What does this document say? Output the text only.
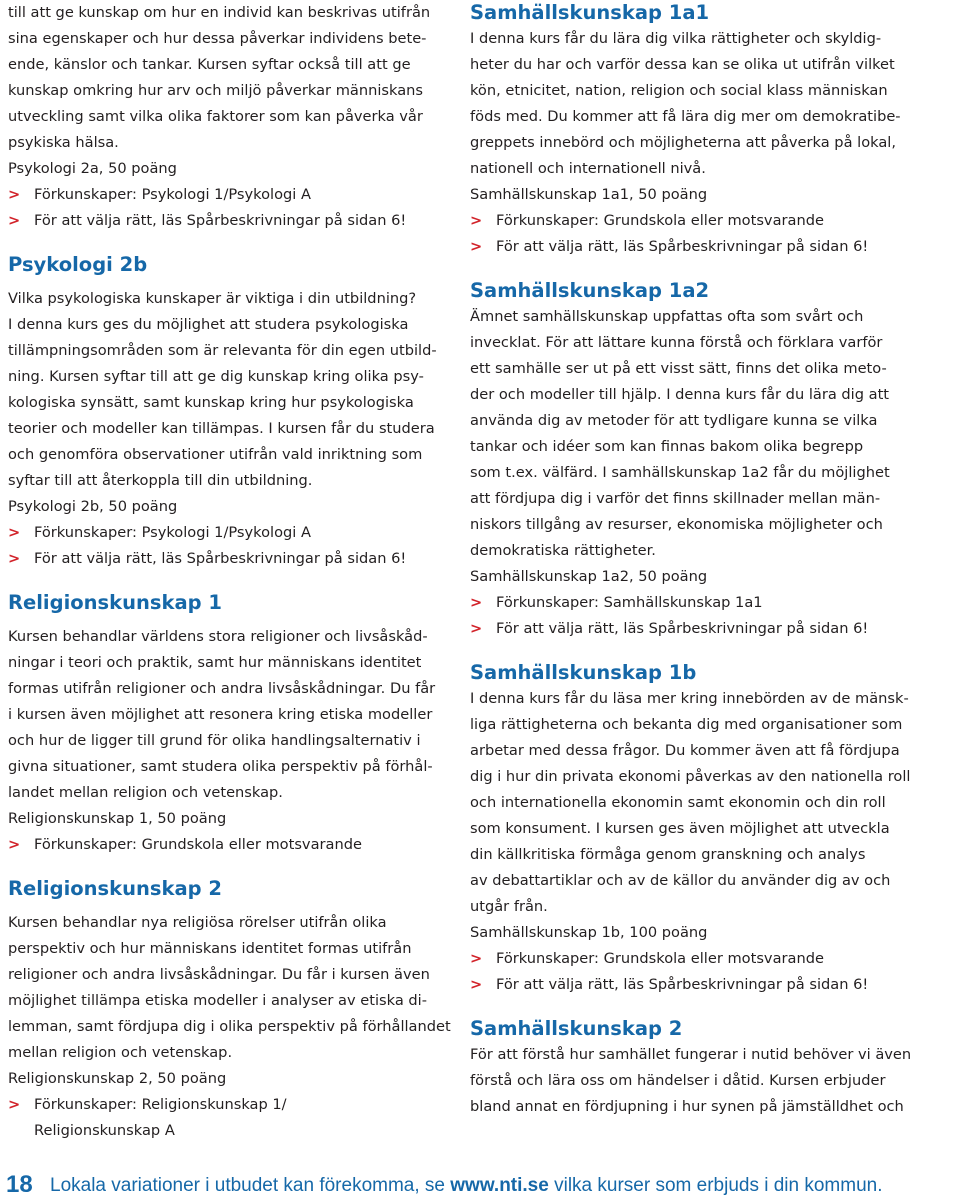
till att ge kunskap om hur en individ kan beskrivas utifrån
sina egenskaper och hur dessa påverkar individens bete-
ende, känslor och tankar. Kursen syftar också till att ge
kunskap omkring hur arv och miljö påverkar människans
utveckling samt vilka olika faktorer som kan påverka vår
psykiska hälsa.
Psykologi 2a, 50 poäng
> Förkunskaper: Psykologi 1/Psykologi A
> För att välja rätt, läs Spårbeskrivningar på sidan 6!
Psykologi 2b
Vilka psykologiska kunskaper är viktiga i din utbildning?
I denna kurs ges du möjlighet att studera psykologiska
tillämpningsområden som är relevanta för din egen utbild-
ning. Kursen syftar till att ge dig kunskap kring olika psy-
kologiska synsätt, samt kunskap kring hur psykologiska
teorier och modeller kan tillämpas. I kursen får du studera
och genomföra observationer utifrån vald inriktning som
syftar till att återkoppla till din utbildning.
Psykologi 2b, 50 poäng
> Förkunskaper: Psykologi 1/Psykologi A
> För att välja rätt, läs Spårbeskrivningar på sidan 6!
Religionskunskap 1
Kursen behandlar världens stora religioner och livsåskåd-
ningar i teori och praktik, samt hur människans identitet
formas utifrån religioner och andra livsåskådningar. Du får
i kursen även möjlighet att resonera kring etiska modeller
och hur de ligger till grund för olika handlingsalternativ i
givna situationer, samt studera olika perspektiv på förhål-
landet mellan religion och vetenskap.
Religionskunskap 1, 50 poäng
> Förkunskaper: Grundskola eller motsvarande
Religionskunskap 2
Kursen behandlar nya religiösa rörelser utifrån olika
perspektiv och hur människans identitet formas utifrån
religioner och andra livsåskådningar. Du får i kursen även
möjlighet tillämpa etiska modeller i analyser av etiska di-
lemman, samt fördjupa dig i olika perspektiv på förhållandet
mellan religion och vetenskap.
Religionskunskap 2, 50 poäng
> Förkunskaper: Religionskunskap 1/
Religionskunskap A
Samhällskunskap 1a1
I denna kurs får du lära dig vilka rättigheter och skyldig-
heter du har och varför dessa kan se olika ut utifrån vilket
kön, etnicitet, nation, religion och social klass människan
föds med. Du kommer att få lära dig mer om demokratibe-
greppets innebörd och möjligheterna att påverka på lokal,
nationell och internationell nivå.
Samhällskunskap 1a1, 50 poäng
> Förkunskaper: Grundskola eller motsvarande
> För att välja rätt, läs Spårbeskrivningar på sidan 6!
Samhällskunskap 1a2
Ämnet samhällskunskap uppfattas ofta som svårt och
invecklat. För att lättare kunna förstå och förklara varför
ett samhälle ser ut på ett visst sätt, finns det olika meto-
der och modeller till hjälp. I denna kurs får du lära dig att
använda dig av metoder för att tydligare kunna se vilka
tankar och idéer som kan finnas bakom olika begrepp
som t.ex. välfärd. I samhällskunskap 1a2 får du möjlighet
att fördjupa dig i varför det finns skillnader mellan män-
niskors tillgång av resurser, ekonomiska möjligheter och
demokratiska rättigheter.
Samhällskunskap 1a2, 50 poäng
> Förkunskaper: Samhällskunskap 1a1
> För att välja rätt, läs Spårbeskrivningar på sidan 6!
Samhällskunskap 1b
I denna kurs får du läsa mer kring innebörden av de mänsk-
liga rättigheterna och bekanta dig med organisationer som
arbetar med dessa frågor. Du kommer även att få fördjupa
dig i hur din privata ekonomi påverkas av den nationella roll
och internationella ekonomin samt ekonomin och din roll
som konsument. I kursen ges även möjlighet att utveckla
din källkritiska förmåga genom granskning och analys
av debattartiklar och av de källor du använder dig av och
utgår från.
Samhällskunskap 1b, 100 poäng
> Förkunskaper: Grundskola eller motsvarande
> För att välja rätt, läs Spårbeskrivningar på sidan 6!
Samhällskunskap 2
För att förstå hur samhället fungerar i nutid behöver vi även
förstå och lära oss om händelser i dåtid. Kursen erbjuder
bland annat en fördjupning i hur synen på jämställdhet och
18 Lokala variationer i utbudet kan förekomma, se www.nti.se vilka kurser som erbjuds i din kommun.
